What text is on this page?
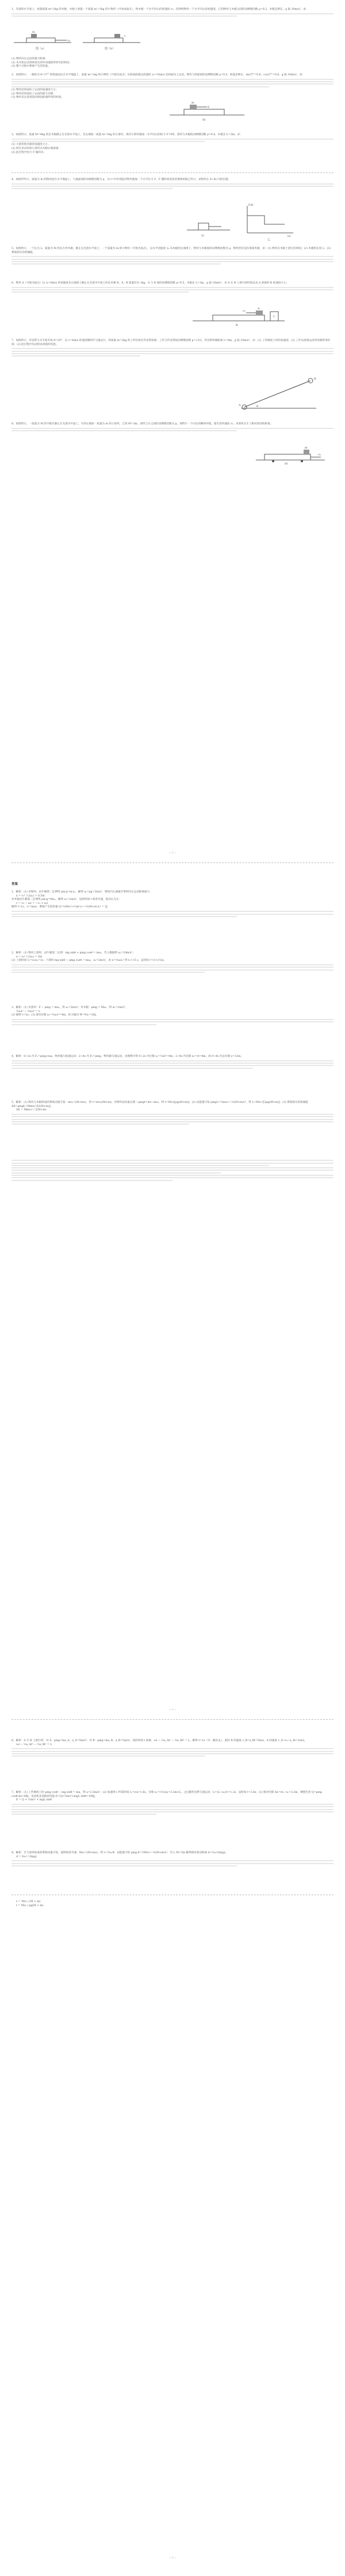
1、光滑的水平面上，放置质量 m=2kg 的木板，木板上放置一个质量 m′=1kg 的小物块（可看成质点），给木板一个水平向右的初速度 v₀，同时给物块一个水平向左的初速度，已知物块与木板之间的动摩擦因数 μ=0.2，木板足够长，g 取 10m/s²。求：

v₀
m
图（a）
v
图（b）

(1) 物块向左运动的最大距离；

(2) 从开始运动到两者达到共同速度所经历的时间；

(3) 整个过程中系统产生的热量。

2、如图所示，一倾角为 θ=37° 的斜面固定在水平地面上，质量 m=1kg 的小物块（可视为质点）从斜面底端以初速度 v₀=10m/s 沿斜面向上运动，物块与斜面间的动摩擦因数 μ=0.5，斜面足够长，sin37°=0.6，cos37°=0.8，g 取 10m/s²。求：

(1) 物块沿斜面向上运动的加速度大小；

(2) 物块沿斜面向上运动的最大位移；

(3) 物块从出发到返回斜面底端所用的时间。

F
m
M

3、如图所示，质量 M=4kg 的长木板静止在光滑水平面上，其左端放一质量 m=1kg 的小滑块，现对小滑块施加一水平向右的恒力 F=6N，滑块与木板间动摩擦因数 μ=0.4，木板长 L=2m，求：

(1) 小滑块和木板的加速度大小；

(2) 经过多长时间小滑块从木板右端滑离；

(3) 此过程中恒力 F 做的功。

4、如图甲所示，质量为 m 的物块放在水平地面上，与地面间的动摩擦因数为 μ，从 t=0 时刻起对物块施加一个水平拉力 F，F 随时间变化的规律如图乙所示，求物块在 0~4s 内的位移。

甲
F/N
t/s
乙

5、如图所示，一个长为 L、质量为 M 的长方形木板，静止在光滑水平面上，一个质量为 m 的小物块（可视为质点），以水平初速度 v₀ 从木板的左端滑上，物块与木板间的动摩擦因数为 μ，物块恰好没有滑离木板。求：(1) 物块在木板上滑行的时间；(2) 木板的长度 L；(3) 系统损失的机械能。

6、物块 A（可视为质点）以 v₀=6m/s 的初速度从右端滑上静止在光滑水平面上的长木板 B，A、B 质量均为 1kg，A 与 B 间的动摩擦因数 μ=0.5，木板长 L=3m，g 取 10m/s²，求 A 在 B 上滑行的时间以及 A 滑离时 B 的速度大小。

v₀
A
B
C

7、如图所示，传送带与水平面夹角 θ=30°，以 v=4m/s 的速度顺时针匀速运行，将质量 m=2kg 的工件轻放在传送带底端，工件与传送带间动摩擦因数 μ=√3/2，传送带两端距离 L=8m，g 取 10m/s²，求：(1) 工件刚放上时的加速度；(2) 工件从底端运动到顶端所用时间；(3) 此过程中电动机多消耗的电能。

A
B
θ

8、如图所示，一质量为 M 的平板车静止在光滑水平面上，车的右端放一质量为 m 的小滑块，已知 M=3m，滑块与车之间的动摩擦因数为 μ。现给车一个向右的瞬时冲量，使车获得速度 v₀，求滑块在车上相对滑动的距离。

v₀
M
m
— 1 —

答案

1、解析：(1) 对物块，由牛顿第二定律得 μm′g=m′a₁，解得 a₁=μg=2m/s²，物块向左减速至零时向左运动距离最大：

x = v₁² / (2a₁) = 0.5m

对木板由牛顿第二定律得 μm′g=Ma₂，解得 a₂=1m/s²，设经时间 t 两者共速，取向右为正：

v = v₀ − a₂t = −v₁ + a₁t

解得 t=1s，v=1m/s，系统产生的热量 Q=½Mv₀²+½m′v₁²−½(M+m′)v² = 3J

2、解析：(1) 物块上滑时，由牛顿第二定律：mg sinθ + μmg cosθ = ma₁，代入数据得 a₁=10m/s²；

x = v₀² / (2a₁) = 5m

(3) 上滑时间 t₁=v₀/a₁=1s；下滑时 mg sinθ − μmg cosθ = ma₂，a₂=2m/s²，由 x=½a₂t₂² 得 t₂=√5 s，总时间 t=(1+√5)s。

3、解析：(1) 对滑块：F − μmg = ma₁，得 a₁=2m/s²；对木板：μmg = Ma₂，得 a₂=1m/s²；

½a₁t² − ½a₂t² = L

(2) 解得 t=2s；(3) 滑块位移 x₁=½a₁t²=4m，恒力做功 W=Fx₁=24J。

4、解析：0~2s 内 F₁=μmg+ma，物块做匀加速运动；2~4s 内 F₂=μmg，物块做匀速运动。由图像可得 0~2s 内位移 x₁=½at²=4m，2~4s 内位移 x₂=vt=8m，故 0~4s 内总位移 x=12m。

5、解析：(1) 物块与木板组成的系统动量守恒：mv₀=(M+m)v，得 v=mv₀/(M+m)；对物块由动量定理 −μmgt=mv−mv₀，得 t=Mv₀/[μg(M+m)]；(2) 由能量守恒 μmgL=½mv₀²−½(M+m)v²，得 L=Mv₀²/[2μg(M+m)]；(3) 系统损失的机械能 ΔE=μmgL=Mmv₀²/[2(M+m)]。

ΔE = Mmv₀² / 2(M+m)

— 2 —

6、解析：A 在 B 上滑行时，对 A：μmg=ma_A，a_A=5m/s²；对 B：μmg=ma_B，a_B=5m/s²。设经时间 t 滑离：v₀t − ½a_At² − ½a_Bt² = L，解得 t=1s（另一解舍去），此时 B 的速度 v_B=a_Bt=5m/s，A 的速度 v_A=v₀−a_At=1m/s。

v₀t − ½a_At² − ½a_Bt² = L

7、解析：(1) 工件刚放上时 μmg cosθ − mg sinθ = ma，得 a=2.5m/s²；(2) 加速到 v 所需时间 t₁=v/a=1.6s，位移 x₁=v²/(2a)=3.2m<L，之后随传送带匀速运动，t₂=(L−x₁)/v=1.2s，总时间 t=2.8s；(3) 相对位移 Δx=vt₁−x₁=3.2m，摩擦生热 Q=μmg cosθ·Δx=48J，电动机多消耗的电能 E=Q+½mv²+mgL sinθ=144J。

E = Q + ½mv² + mgL sinθ

8、解析：车与滑块组成的系统动量守恒，最终两者共速：Mv₀=(M+m)v，得 v=3v₀/4；由能量守恒 μmg·d=½Mv₀²−½(M+m)v²，代入 M=3m 解得相对滑动距离 d=3v₀²/(8μg)。

d = 3v₀² / (8μg)

v = Mv₀ / (M + m)

t = Mv₀ / μg(M + m)

— 3 —
